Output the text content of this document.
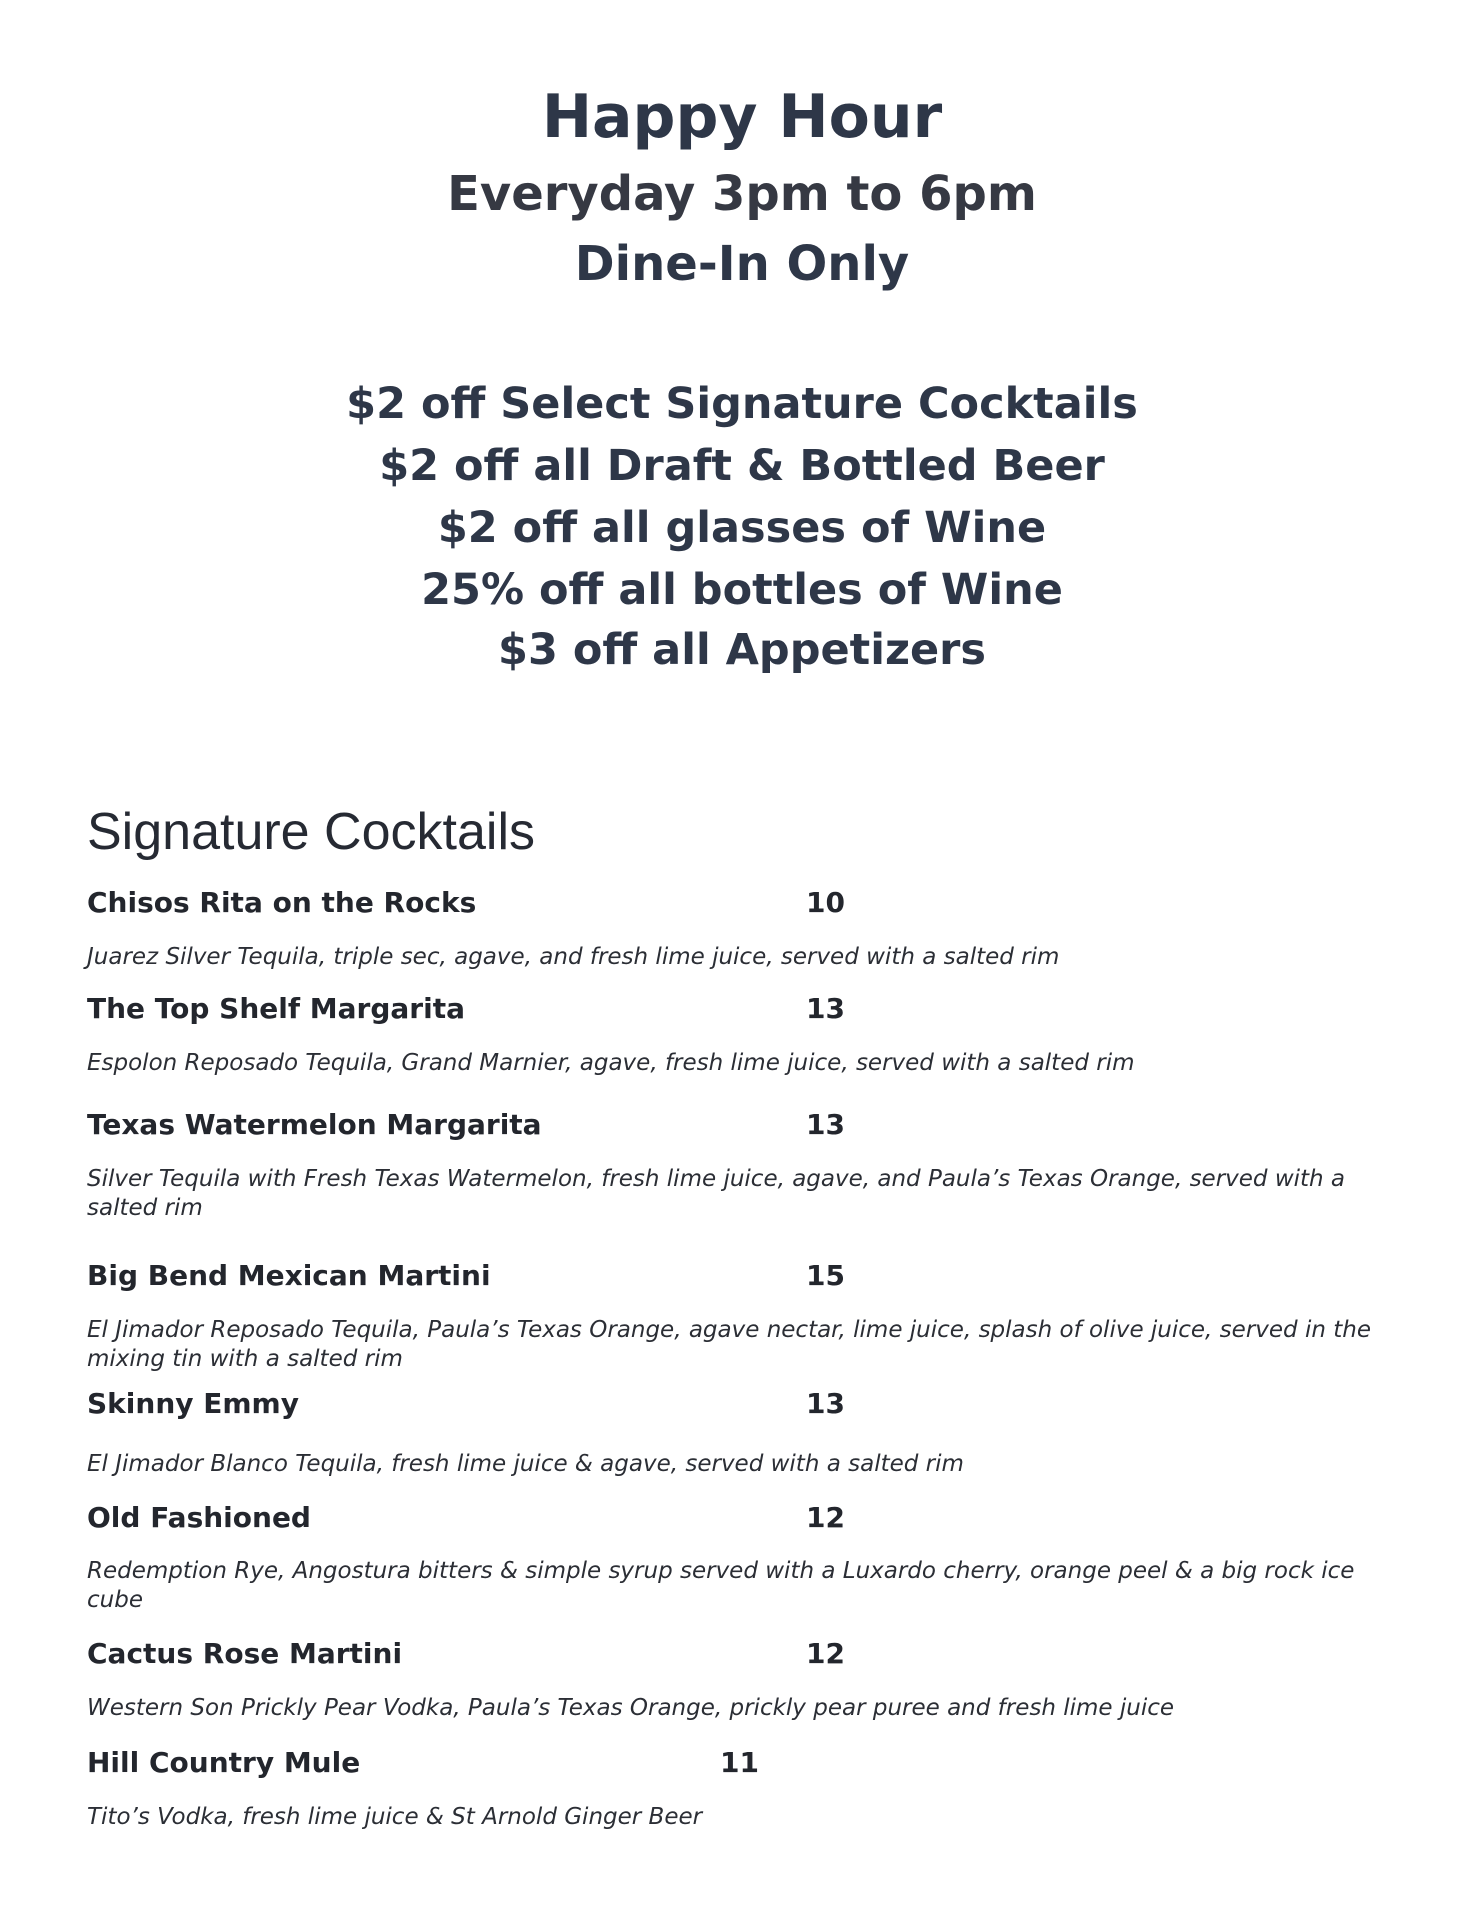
Happy Hour
Everyday 3pm to 6pm
Dine-In Only
$2 off Select Signature Cocktails
$2 off all Draft & Bottled Beer
$2 off all glasses of Wine
25% off all bottles of Wine
$3 off all Appetizers
Signature Cocktails
Chisos Rita on the Rocks	10
Juarez Silver Tequila, triple sec, agave, and fresh lime juice, served with a salted rim
The Top Shelf Margarita	13
Espolon Reposado Tequila, Grand Marnier, agave, fresh lime juice, served with a salted rim
Texas Watermelon Margarita	13
Silver Tequila with Fresh Texas Watermelon, fresh lime juice, agave, and Paula’s Texas Orange, served with a salted rim
Big Bend Mexican Martini	15
El Jimador Reposado Tequila, Paula’s Texas Orange, agave nectar, lime juice, splash of olive juice, served in the mixing tin with a salted rim
Skinny Emmy	13
El Jimador Blanco Tequila, fresh lime juice & agave, served with a salted rim
Old Fashioned	12
Redemption Rye, Angostura bitters & simple syrup served with a Luxardo cherry, orange peel & a big rock ice cube
Cactus Rose Martini	12
Western Son Prickly Pear Vodka, Paula’s Texas Orange, prickly pear puree and fresh lime juice
Hill Country Mule	11
Tito’s Vodka, fresh lime juice & St Arnold Ginger Beer
